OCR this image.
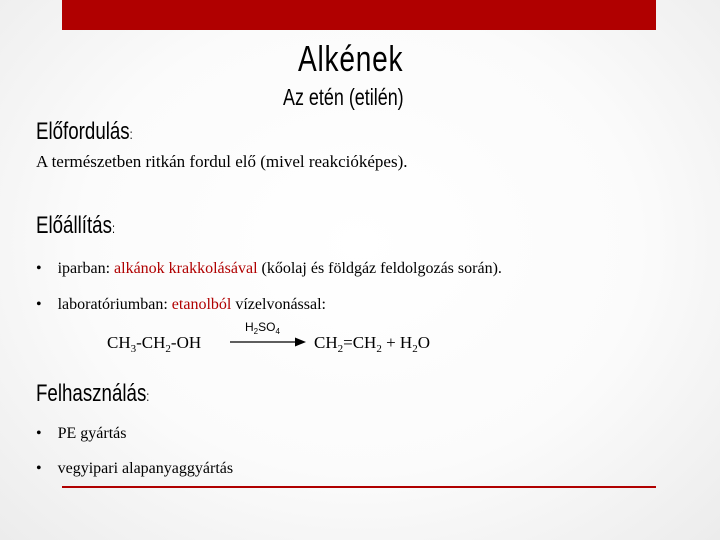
Alkének
Az etén (etilén)
Előfordulás:
A természetben ritkán fordul elő (mivel reakcióképes).
Előállítás:
• iparban: alkánok krakkolásával (kőolaj és földgáz feldolgozás során).
• laboratóriumban: etanolból vízelvonással:
$CH_3-CH_2-OH$
$H_2SO_4$
$CH_2=CH_2 + H_2O$
Felhasználás:
• PE gyártás
• vegyipari alapanyaggyártás
